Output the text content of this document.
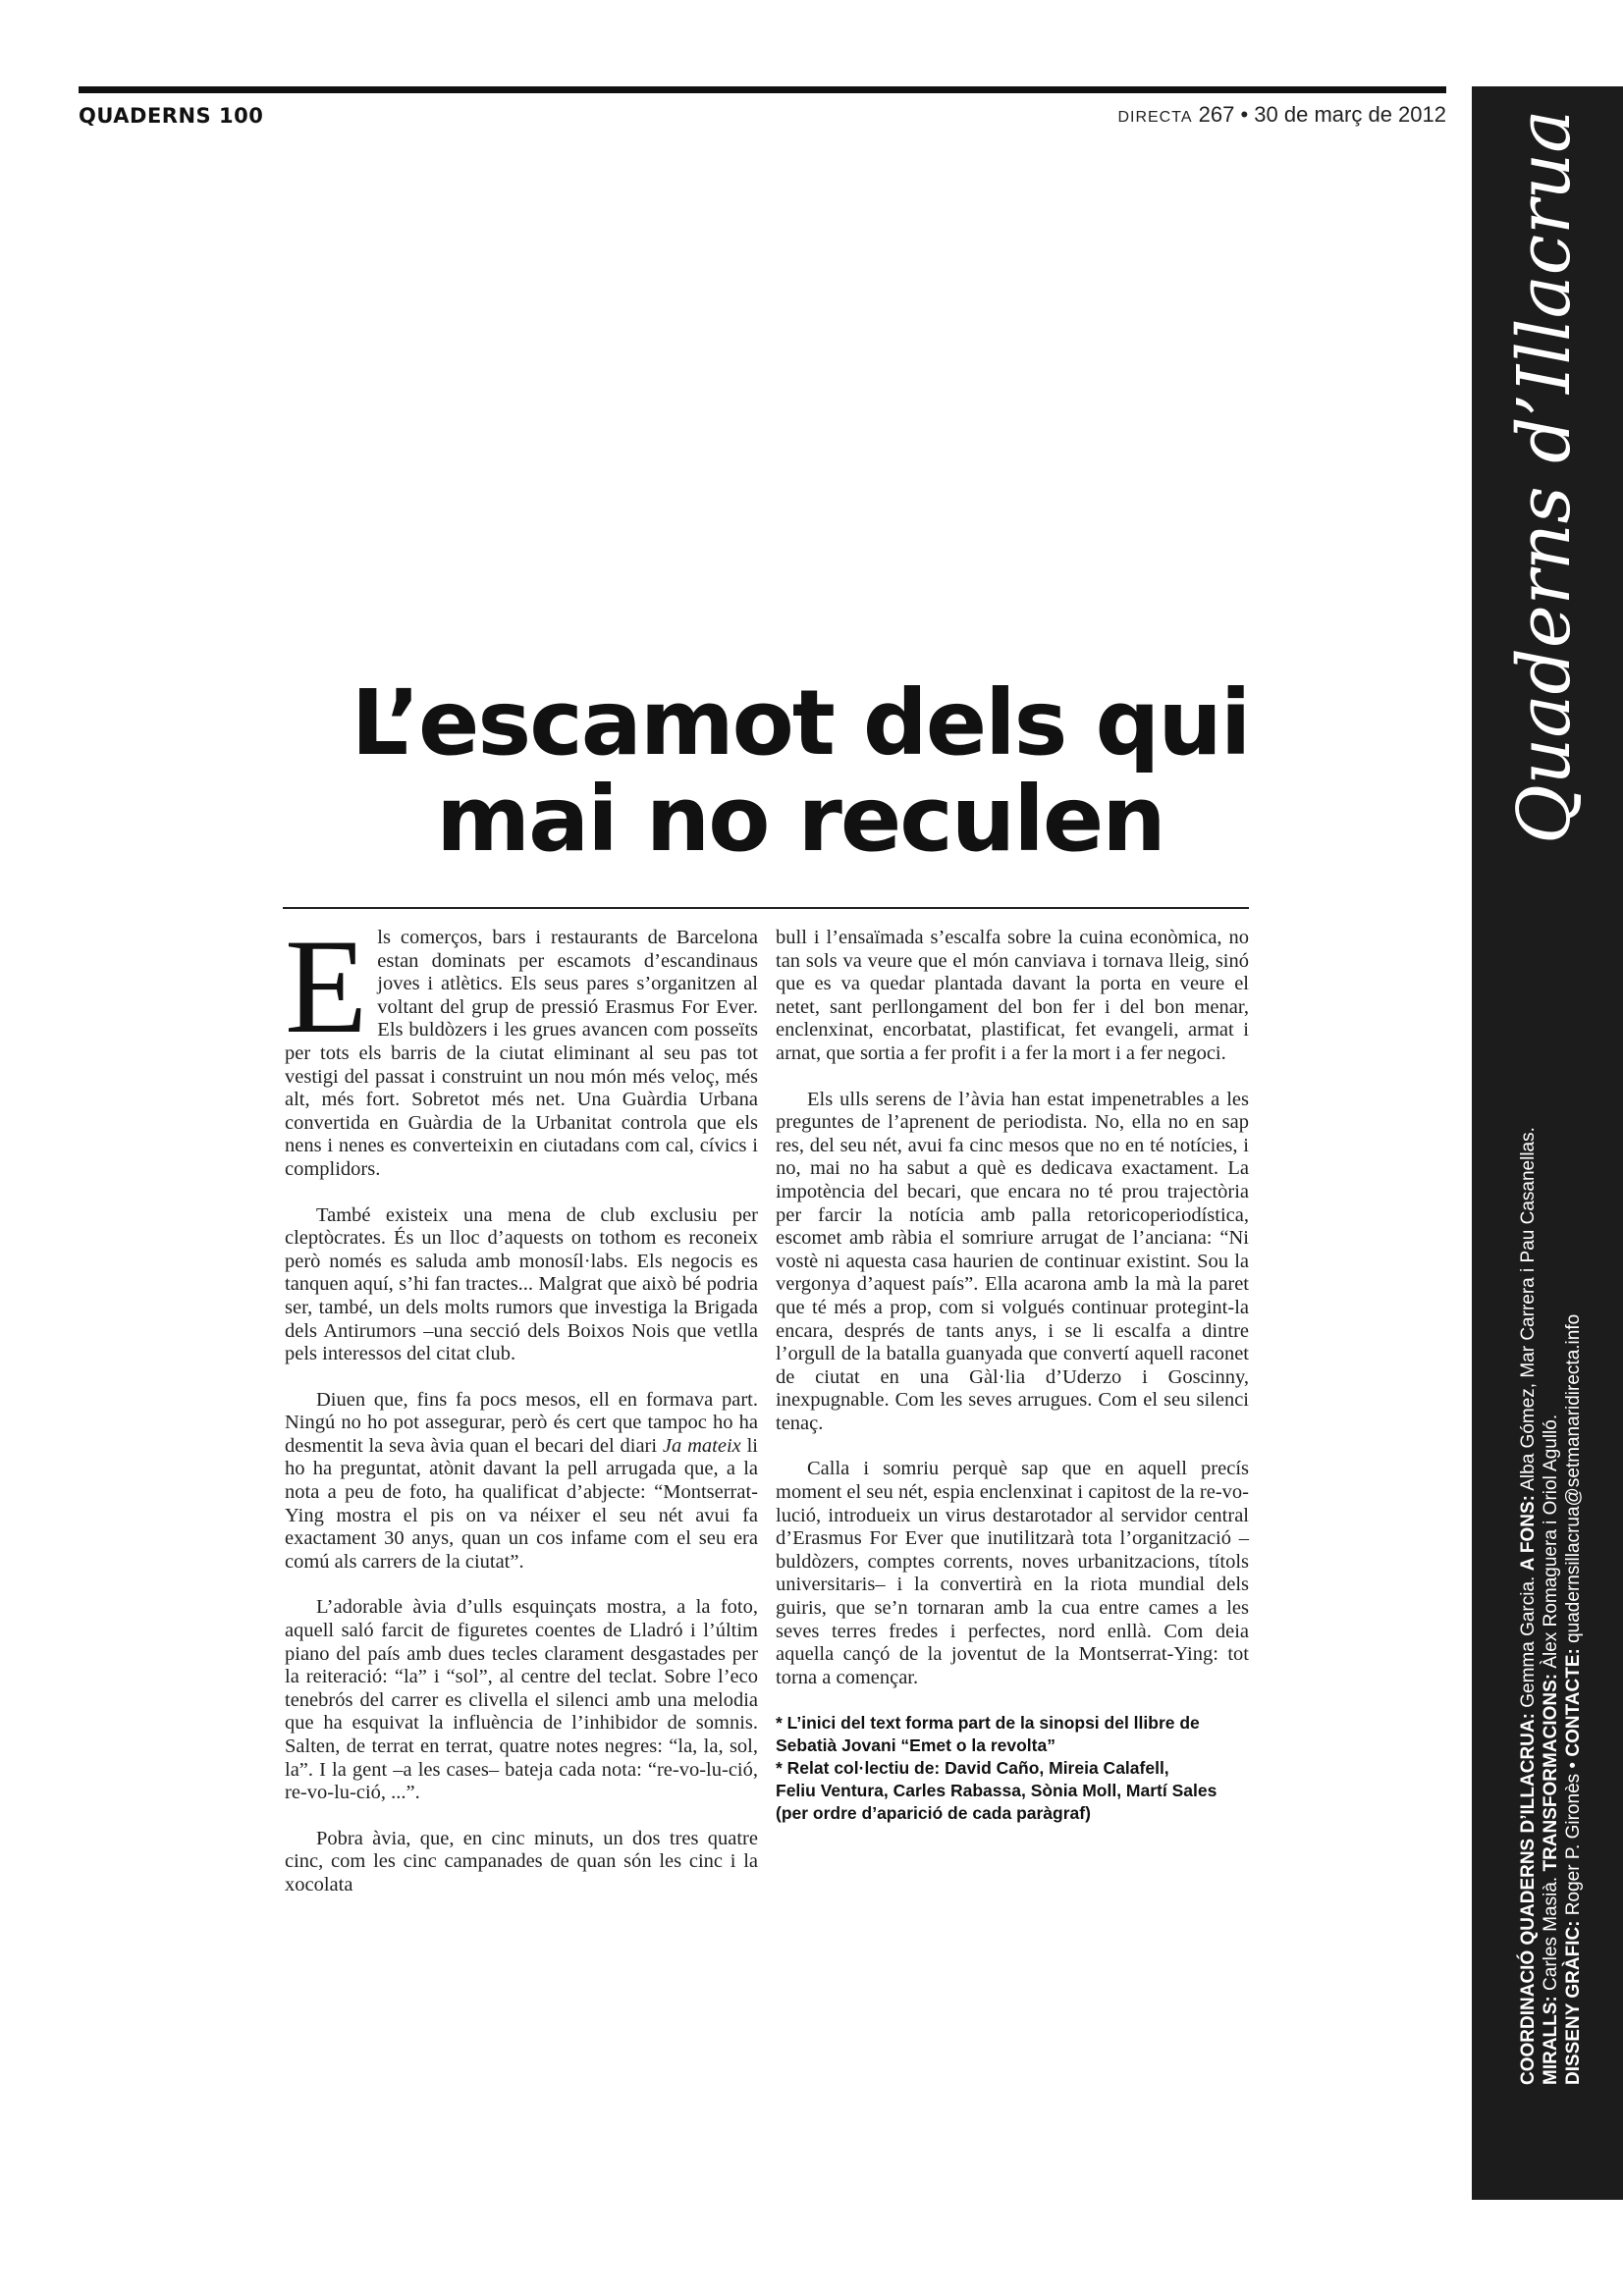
QUADERNS 100	DIRECTA 267 • 30 de març de 2012 Quaderns d’Illacrua

COORDINACIÓ QUADERNS D’ILLACRUA: Gemma Garcia. A FONS: Alba Gómez, Mar Carrera i Pau Casanellas.

MIRALLS: Carles Masià. TRANSFORMACIONS: Àlex Romaguera i Oriol Agulló.

DISSENY GRÀFIC: Roger P. Gironès • CONTACTE: quadernsillacrua@setmanaridirecta.info

L’escamot dels qui
mai no reculen

Els comerços, bars i restaurants de Barcelona estan dominats per escamots d’escandinaus joves i atlètics. Els seus pares s’organitzen al voltant del grup de pressió Erasmus For Ever. Els buldòzers i les grues avancen com posseïts per tots els barris de la ciutat eliminant al seu pas tot vestigi del passat i construint un nou món més veloç, més alt, més fort. Sobretot més net. Una Guàrdia Urbana convertida en Guàrdia de la Urbanitat controla que els nens i nenes es converteixin en ciutadans com cal, cívics i complidors.

També existeix una mena de club exclusiu per cleptòcrates. És un lloc d’aquests on tothom es reconeix però només es saluda amb monosíl·labs. Els negocis es tanquen aquí, s’hi fan tractes... Malgrat que això bé podria ser, també, un dels molts rumors que investiga la Brigada dels Antirumors –una secció dels Boixos Nois que vetlla pels interessos del citat club.

Diuen que, fins fa pocs mesos, ell en formava part. Ningú no ho pot assegurar, però és cert que tampoc ho ha desmentit la seva àvia quan el becari del diari Ja mateix li ho ha preguntat, atònit davant la pell arrugada que, a la nota a peu de foto, ha qualificat d’abjecte: “Montserrat-Ying mostra el pis on va néixer el seu nét avui fa exactament 30 anys, quan un cos infame com el seu era comú als carrers de la ciutat”.

L’adorable àvia d’ulls esquinçats mostra, a la foto, aquell saló farcit de figuretes coentes de Lladró i l’últim piano del país amb dues tecles clarament desgastades per la reiteració: “la” i “sol”, al centre del teclat. Sobre l’eco tenebrós del carrer es clivella el silenci amb una melodia que ha esquivat la influència de l’inhibidor de somnis. Salten, de terrat en terrat, quatre notes negres: “la, la, sol, la”. I la gent –a les cases– bateja cada nota: “re-vo-lu-ció, re-vo-lu-ció, ...”.

Pobra àvia, que, en cinc minuts, un dos tres quatre cinc, com les cinc campanades de quan són les cinc i la xocolata

bull i l’ensaïmada s’escalfa sobre la cuina econòmica, no tan sols va veure que el món canviava i tornava lleig, sinó que es va quedar plantada davant la porta en veure el netet, sant perllongament del bon fer i del bon menar, enclenxinat, encorbatat, plastificat, fet evangeli, armat i arnat, que sortia a fer profit i a fer la mort i a fer negoci.

Els ulls serens de l’àvia han estat impenetrables a les preguntes de l’aprenent de periodista. No, ella no en sap res, del seu nét, avui fa cinc mesos que no en té notícies, i no, mai no ha sabut a què es dedicava exactament. La impotència del becari, que encara no té prou trajectòria per farcir la notícia amb palla retoricoperiodística, escomet amb ràbia el somriure arrugat de l’anciana: “Ni vostè ni aquesta casa haurien de continuar existint. Sou la vergonya d’aquest país”. Ella acarona amb la mà la paret que té més a prop, com si volgués continuar protegint-la encara, després de tants anys, i se li escalfa a dintre l’orgull de la batalla guanyada que convertí aquell raconet de ciutat en una Gàl·lia d’Uderzo i Goscinny, inexpugnable. Com les seves arrugues. Com el seu silenci tenaç.

Calla i somriu perquè sap que en aquell precís moment el seu nét, espia enclenxinat i capitost de la re-vo-lució, introdueix un virus destarotador al servidor central d’Erasmus For Ever que inutilitzarà tota l’organització –buldòzers, comptes corrents, noves urbanitzacions, títols universitaris– i la convertirà en la riota mundial dels guiris, que se’n tornaran amb la cua entre cames a les seves terres fredes i perfectes, nord enllà. Com deia aquella cançó de la joventut de la Montserrat-Ying: tot torna a començar.

* L’inici del text forma part de la sinopsi del llibre de
Sebatià Jovani “Emet o la revolta”
* Relat col·lectiu de: David Caño, Mireia Calafell,
Feliu Ventura, Carles Rabassa, Sònia Moll, Martí Sales
(per ordre d’aparició de cada paràgraf)
